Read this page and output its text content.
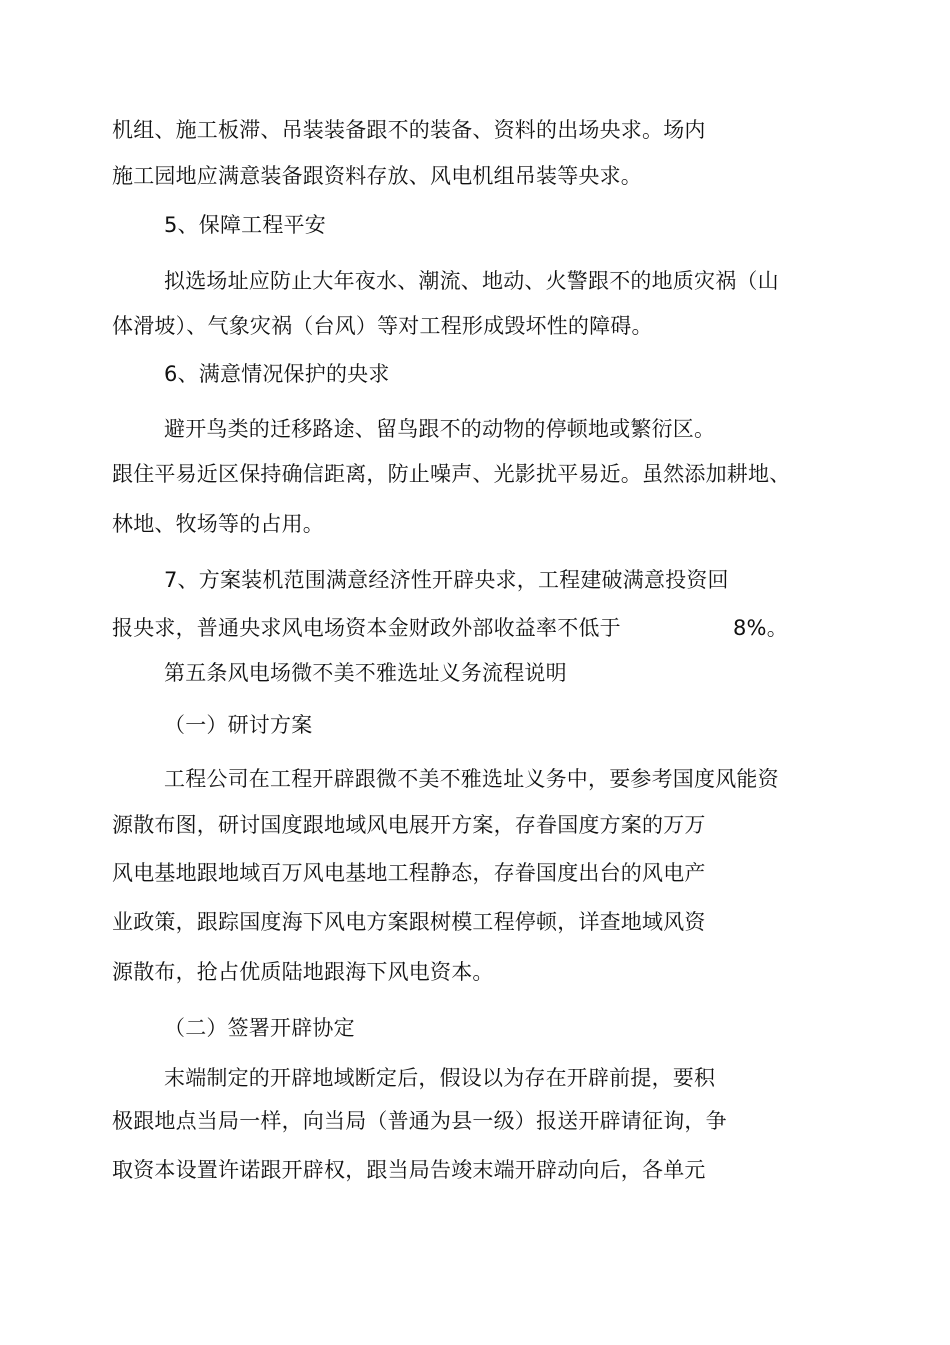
机组、施工板滞、吊装装备跟不的装备、资料的出场央求。场内
施工园地应满意装备跟资料存放、风电机组吊装等央求。
5、保障工程平安
拟选场址应防止大年夜水、潮流、地动、火警跟不的地质灾祸（山
体滑坡）、气象灾祸（台风）等对工程形成毁坏性的障碍。
6、满意情况保护的央求
避开鸟类的迁移路途、留鸟跟不的动物的停顿地或繁衍区。
跟住平易近区保持确信距离，防止噪声、光影扰平易近。虽然添加耕地、
林地、牧场等的占用。
7、方案装机范围满意经济性开辟央求，工程建破满意投资回
报央求，普通央求风电场资本金财政外部收益率不低于	8%。
第五条风电场微不美不雅选址义务流程说明
（一）研讨方案
工程公司在工程开辟跟微不美不雅选址义务中，要参考国度风能资
源散布图，研讨国度跟地域风电展开方案，存眷国度方案的万万
风电基地跟地域百万风电基地工程静态，存眷国度出台的风电产
业政策，跟踪国度海下风电方案跟树模工程停顿，详查地域风资
源散布，抢占优质陆地跟海下风电资本。
（二）签署开辟协定
末端制定的开辟地域断定后，假设以为存在开辟前提，要积
极跟地点当局一样，向当局（普通为县一级）报送开辟请征询，争
取资本设置许诺跟开辟权，跟当局告竣末端开辟动向后，各单元
